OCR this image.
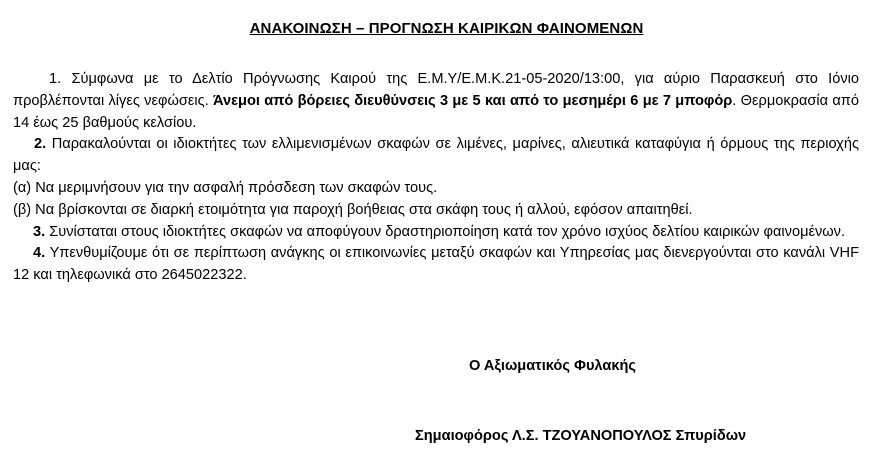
ΑΝΑΚΟΙΝΩΣΗ – ΠΡΟΓΝΩΣΗ ΚΑΙΡΙΚΩΝ ΦΑΙΝΟΜΕΝΩΝ

1. Σύμφωνα με το Δελτίο Πρόγνωσης Καιρού της Ε.Μ.Υ/Ε.Μ.Κ.21-05-2020/13:00, για αύριο Παρασκευή στο Ιόνιο προβλέπονται λίγες νεφώσεις. Άνεμοι από βόρειες διευθύνσεις 3 με 5 και από το μεσημέρι 6 με 7 μποφόρ. Θερμοκρασία από 14 έως 25 βαθμούς κελσίου.

2. Παρακαλούνται οι ιδιοκτήτες των ελλιμενισμένων σκαφών σε λιμένες, μαρίνες, αλιευτικά καταφύγια ή όρμους της περιοχής μας:

(α) Να μεριμνήσουν για την ασφαλή πρόσδεση των σκαφών τους.

(β) Να βρίσκονται σε διαρκή ετοιμότητα για παροχή βοήθειας στα σκάφη τους ή αλλού, εφόσον απαιτηθεί.

3. Συνίσταται στους ιδιοκτήτες σκαφών να αποφύγουν δραστηριοποίηση κατά τον χρόνο ισχύος δελτίου καιρικών φαινομένων.

4. Υπενθυμίζουμε ότι σε περίπτωση ανάγκης οι επικοινωνίες μεταξύ σκαφών και Υπηρεσίας μας διενεργούνται στο κανάλι VHF 12 και τηλεφωνικά στο 2645022322.

Ο Αξιωματικός Φυλακής
Σημαιοφόρος Λ.Σ. ΤΖΟΥΑΝΟΠΟΥΛΟΣ Σπυρίδων
